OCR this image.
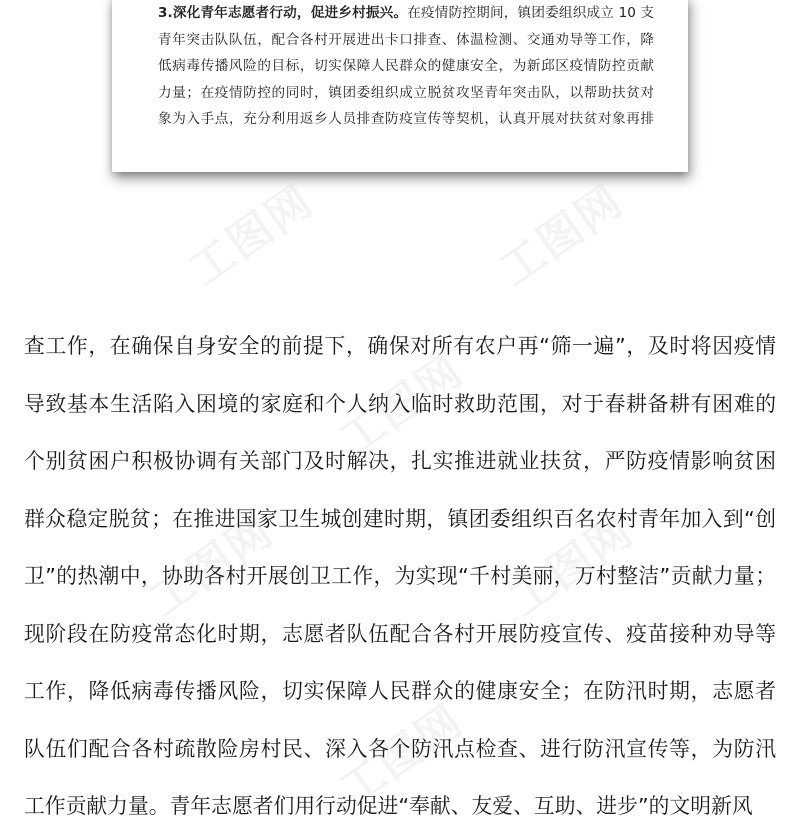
3.深化青年志愿者行动，促进乡村振兴。在疫情防控期间，镇团委组织成立 10 支
青年突击队队伍，配合各村开展进出卡口排查、体温检测、交通劝导等工作，降
低病毒传播风险的目标，切实保障人民群众的健康安全，为新邱区疫情防控贡献
力量；在疫情防控的同时，镇团委组织成立脱贫攻坚青年突击队，以帮助扶贫对
象为入手点，充分利用返乡人员排查防疫宣传等契机，认真开展对扶贫对象再排
工图网	工图网
工图网
工图网	工图网
工图网
查工作，在确保自身安全的前提下，确保对所有农户再“筛一遍”，及时将因疫情
导致基本生活陷入困境的家庭和个人纳入临时救助范围，对于春耕备耕有困难的
个别贫困户积极协调有关部门及时解决，扎实推进就业扶贫，严防疫情影响贫困
群众稳定脱贫；在推进国家卫生城创建时期，镇团委组织百名农村青年加入到“创
卫”的热潮中，协助各村开展创卫工作，为实现“千村美丽，万村整洁”贡献力量；
现阶段在防疫常态化时期，志愿者队伍配合各村开展防疫宣传、疫苗接种劝导等
工作，降低病毒传播风险，切实保障人民群众的健康安全；在防汛时期，志愿者
队伍们配合各村疏散险房村民、深入各个防汛点检查、进行防汛宣传等，为防汛
工作贡献力量。青年志愿者们用行动促进“奉献、友爱、互助、进步”的文明新风
